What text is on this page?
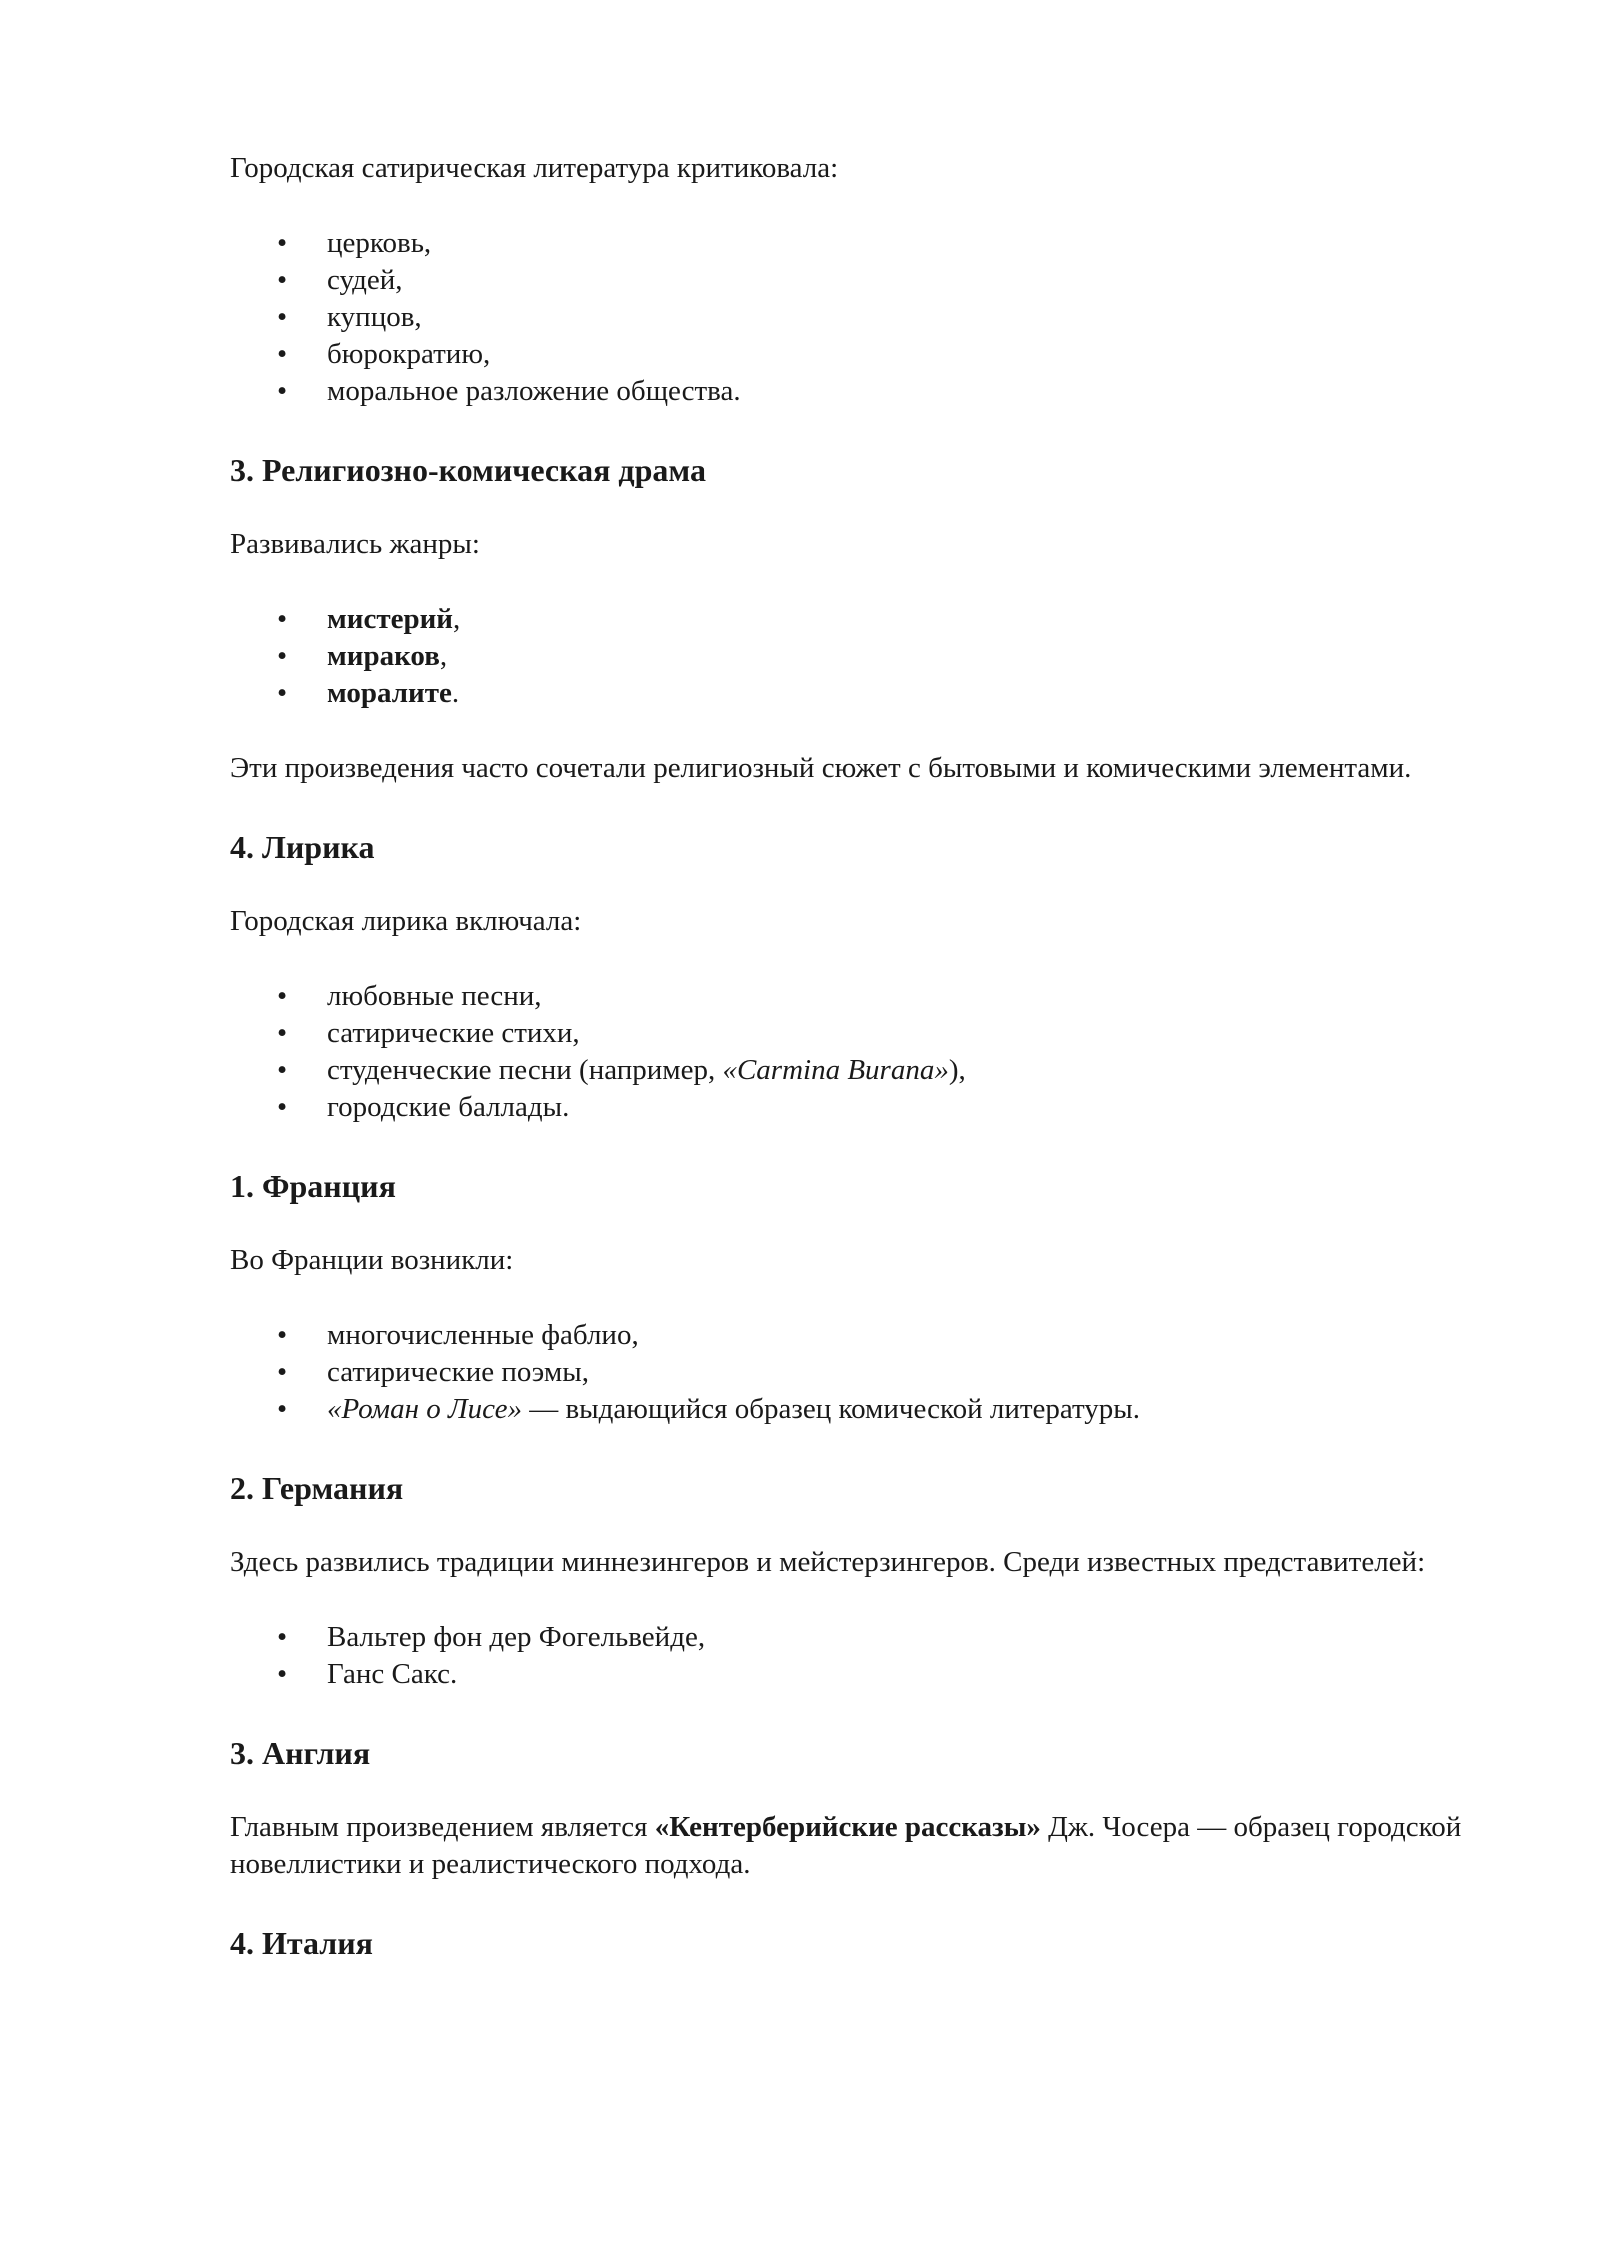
Городская сатирическая литература критиковала:

• церковь,
• судей,
• купцов,
• бюрократию,
• моральное разложение общества.
3. Религиозно-комическая драма

Развивались жанры:

• мистерий,
• мираков,
• моралите.

Эти произведения часто сочетали религиозный сюжет с бытовыми и комическими элементами.

4. Лирика

Городская лирика включала:

• любовные песни,
• сатирические стихи,
• студенческие песни (например, «Carmina Burana»),
• городские баллады.
1. Франция

Во Франции возникли:

• многочисленные фаблио,
• сатирические поэмы,
• «Роман о Лисе» — выдающийся образец комической литературы.
2. Германия

Здесь развились традиции миннезингеров и мейстерзингеров. Среди известных представителей:

• Вальтер фон дер Фогельвейде,
• Ганс Сакс.
3. Англия

Главным произведением является «Кентерберийские рассказы» Дж. Чосера — образец городской новеллистики и реалистического подхода.

4. Италия
